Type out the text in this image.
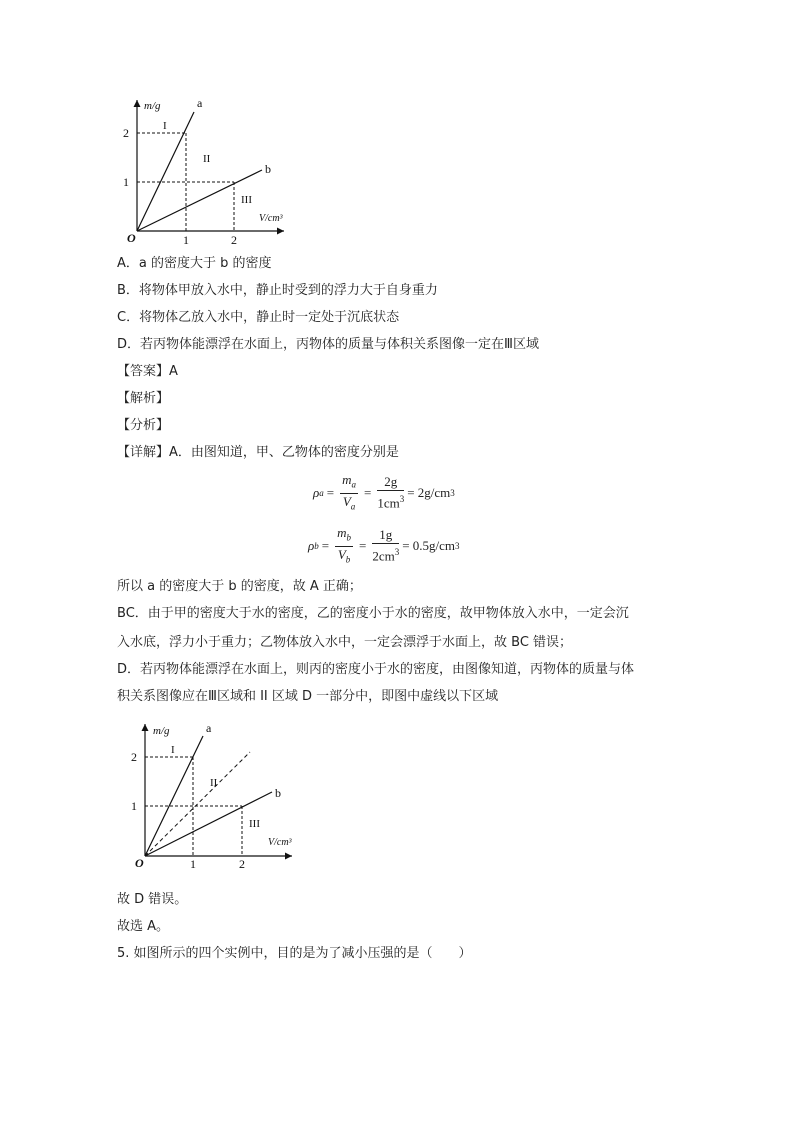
m/g
V/cm³
O
1
2
1	2
a
b
I
II
III
A．a 的密度大于 b 的密度
B．将物体甲放入水中，静止时受到的浮力大于自身重力
C．将物体乙放入水中，静止时一定处于沉底状态
D．若丙物体能漂浮在水面上，丙物体的质量与体积关系图像一定在Ⅲ区域
【答案】A
【解析】
【分析】
【详解】A．由图知道，甲、乙物体的密度分别是
ρ $a = \frac{m_a}{V_a} = \frac{2g}{1cm^3} = 2g/cm$ 3
ρ $b = \frac{m_b}{V_b} = \frac{1g}{2cm^3} = 0.5g/cm$ 3
所以 a 的密度大于 b 的密度，故 A 正确；
BC．由于甲的密度大于水的密度，乙的密度小于水的密度，故甲物体放入水中，一定会沉
入水底，浮力小于重力；乙物体放入水中，一定会漂浮于水面上，故 BC 错误；
D．若丙物体能漂浮在水面上，则丙的密度小于水的密度，由图像知道，丙物体的质量与体
积关系图像应在Ⅲ区域和 II 区域 D 一部分中，即图中虚线以下区域
m/g
V/cm³
O
1
2
1	2
a
b
I
II
III
故 D 错误。
故选 A。
5. 如图所示的四个实例中，目的是为了减小压强的是（　　）
